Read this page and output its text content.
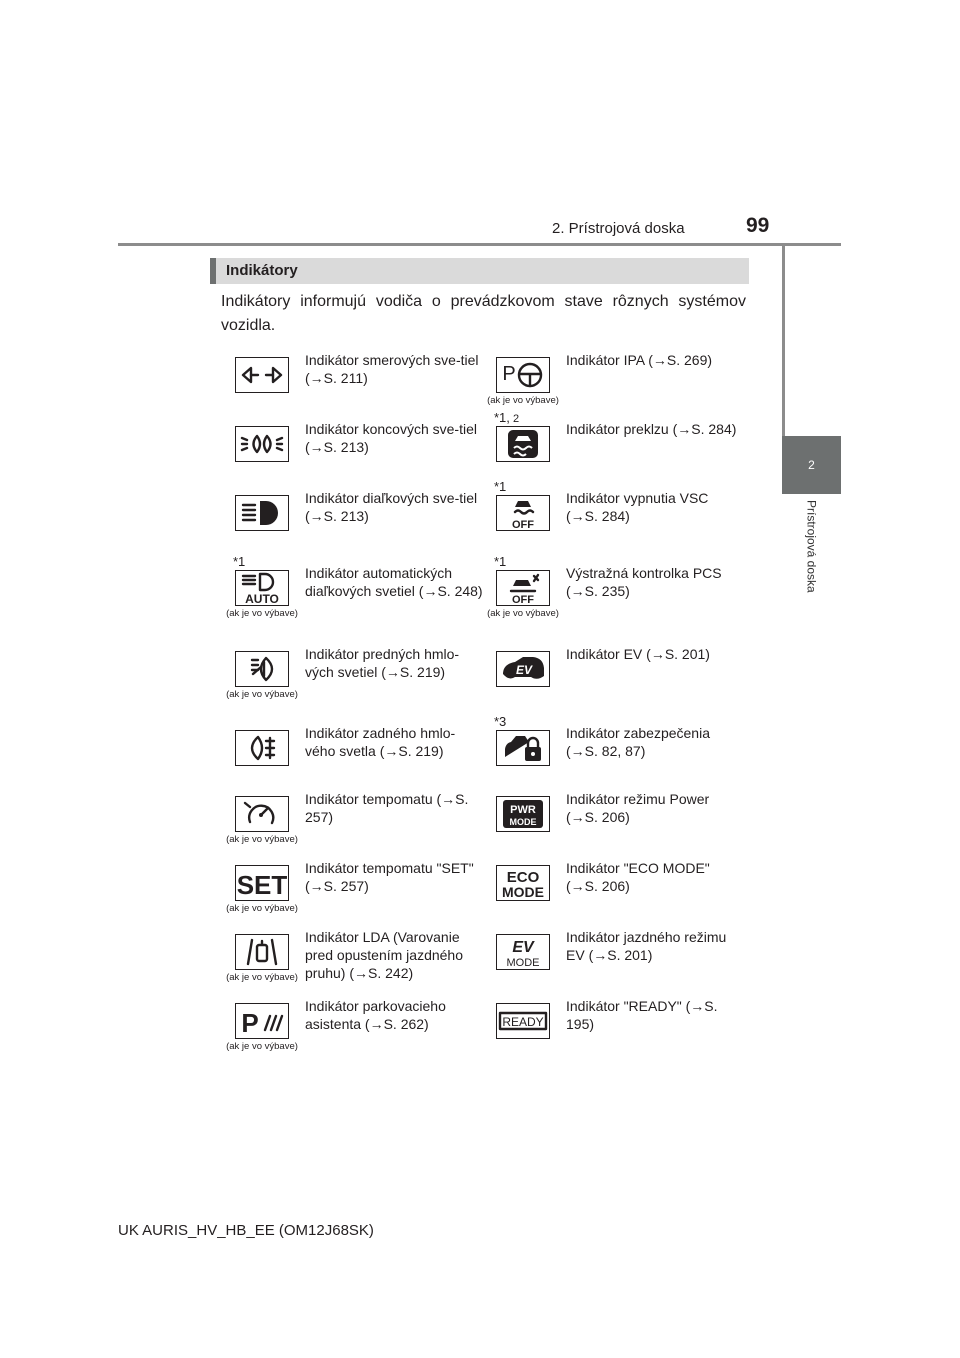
2. Prístrojová doska	99
2
Prístrojová doska
Indikátory
Indikátory informujú vodiča o prevádzkovom stave rôznych systémov vozidla.
Indikátor smerových sve-tiel (→S. 211)
Indikátor koncových sve-tiel (→S. 213)
Indikátor diaľkových sve-tiel (→S. 213)
*1
AUTO
(ak je vo výbave)
Indikátor automatických diaľkových svetiel (→S. 248)
(ak je vo výbave)
Indikátor predných hmlo-vých svetiel (→S. 219)
Indikátor zadného hmlo-vého svetla (→S. 219)
(ak je vo výbave)
Indikátor tempomatu (→S. 257)
SET
(ak je vo výbave)
Indikátor tempomatu "SET" (→S. 257)
(ak je vo výbave)
Indikátor LDA (Varovanie pred opustením jazdného pruhu) (→S. 242)
P
(ak je vo výbave)
Indikátor parkovacieho asistenta (→S. 262)
P
(ak je vo výbave)
Indikátor IPA (→S. 269)
*1, 2
Indikátor preklzu (→S. 284)
*1
OFF
Indikátor vypnutia VSC (→S. 284)
*1
OFF
(ak je vo výbave)
Výstražná kontrolka PCS (→S. 235)
EV
Indikátor EV (→S. 201)
*3
Indikátor zabezpečenia (→S. 82, 87)
PWR
MODE
Indikátor režimu Power (→S. 206)
ECO
MODE
Indikátor "ECO MODE" (→S. 206)
EV
MODE
Indikátor jazdného režimu EV (→S. 201)
READY
Indikátor "READY" (→S. 195)
UK AURIS_HV_HB_EE (OM12J68SK)
